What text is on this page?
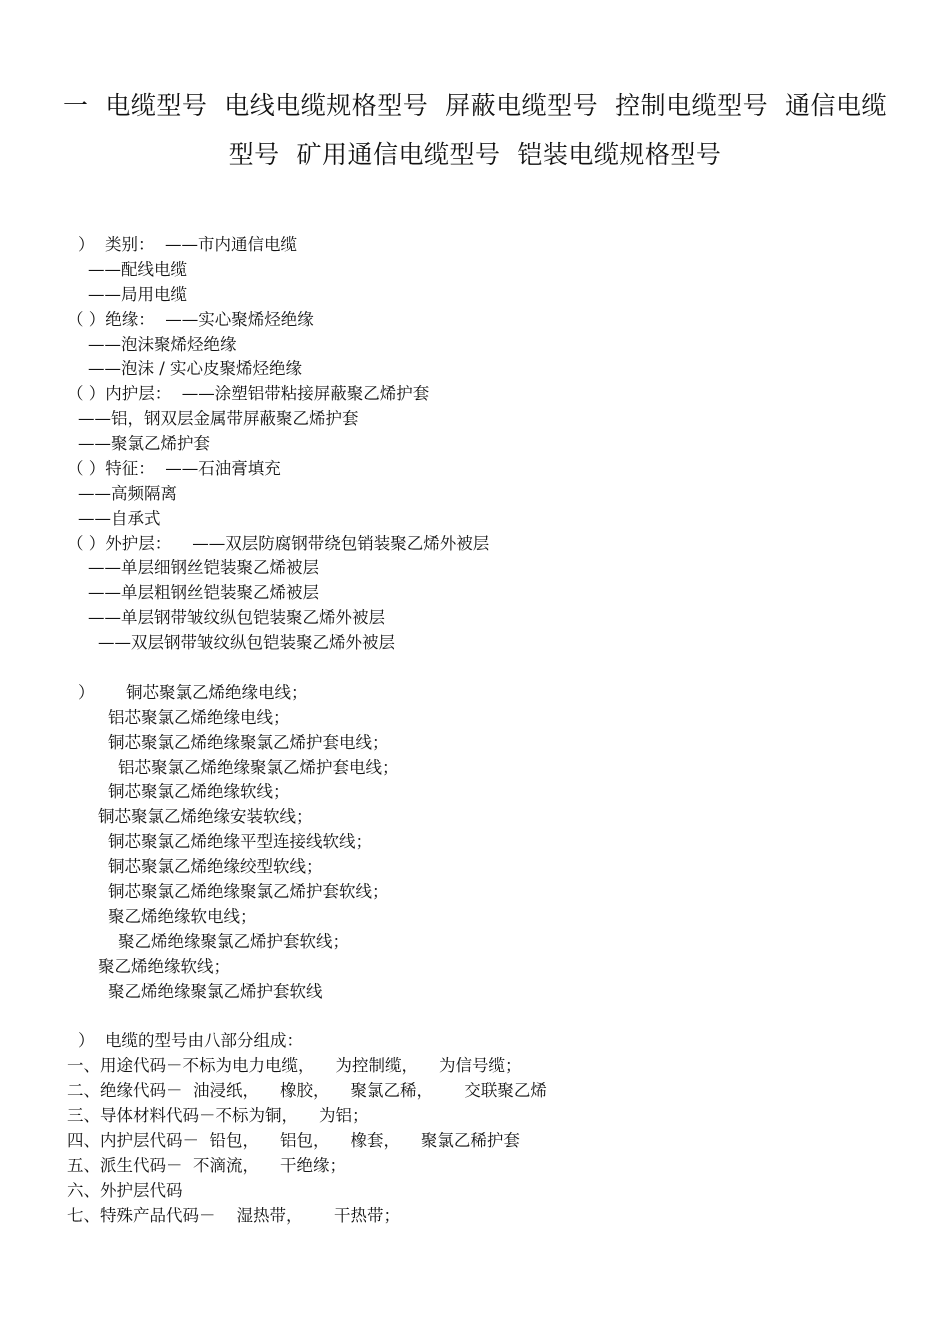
一  电缆型号  电线电缆规格型号  屏蔽电缆型号  控制电缆型号  通信电缆
型号  矿用通信电缆型号  铠装电缆规格型号
）  类别：  ——市内通信电缆
——配线电缆
——局用电缆
（ ）绝缘：  ——实心聚烯烃绝缘
——泡沫聚烯烃绝缘
——泡沫 / 实心皮聚烯烃绝缘
（ ）内护层：  ——涂塑铝带粘接屏蔽聚乙烯护套
——铝，钢双层金属带屏蔽聚乙烯护套
——聚氯乙烯护套
（ ）特征：  ——石油膏填充
——高频隔离
——自承式
（ ）外护层：    ——双层防腐钢带绕包销装聚乙烯外被层
——单层细钢丝铠装聚乙烯被层
——单层粗钢丝铠装聚乙烯被层
——单层钢带皱纹纵包铠装聚乙烯外被层
——双层钢带皱纹纵包铠装聚乙烯外被层
）      铜芯聚氯乙烯绝缘电线；
铝芯聚氯乙烯绝缘电线；
铜芯聚氯乙烯绝缘聚氯乙烯护套电线；
铝芯聚氯乙烯绝缘聚氯乙烯护套电线；
铜芯聚氯乙烯绝缘软线；
铜芯聚氯乙烯绝缘安装软线；
铜芯聚氯乙烯绝缘平型连接线软线；
铜芯聚氯乙烯绝缘绞型软线；
铜芯聚氯乙烯绝缘聚氯乙烯护套软线；
聚乙烯绝缘软电线；
聚乙烯绝缘聚氯乙烯护套软线；
聚乙烯绝缘软线；
聚乙烯绝缘聚氯乙烯护套软线
）  电缆的型号由八部分组成：
一、用途代码－不标为电力电缆，    为控制缆，    为信号缆；
二、绝缘代码－  油浸纸，    橡胶，    聚氯乙稀，      交联聚乙烯
三、导体材料代码－不标为铜，    为铝；
四、内护层代码－  铅包，    铝包，    橡套，    聚氯乙稀护套
五、派生代码－  不滴流，    干绝缘；
六、外护层代码
七、特殊产品代码－    湿热带，      干热带；
